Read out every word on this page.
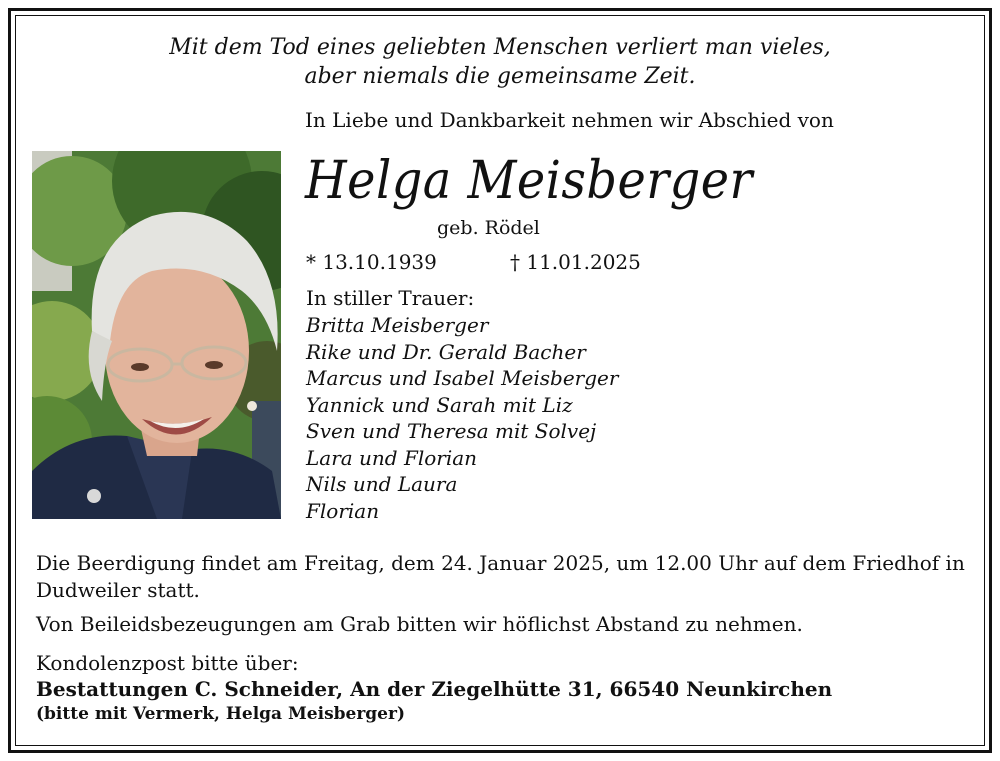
Mit dem Tod eines geliebten Menschen verliert man vieles,
aber niemals die gemeinsame Zeit.
In Liebe und Dankbarkeit nehmen wir Abschied von
Helga Meisberger
geb. Rödel
* 13.10.1939	† 11.01.2025
In stiller Trauer:
Britta Meisberger
Rike und Dr. Gerald Bacher
Marcus und Isabel Meisberger
Yannick und Sarah mit Liz
Sven und Theresa mit Solvej
Lara und Florian
Nils und Laura
Florian
Die Beerdigung findet am Freitag, dem 24. Januar 2025, um 12.00 Uhr auf dem Friedhof in Dudweiler statt.
Von Beileidsbezeugungen am Grab bitten wir höflichst Abstand zu nehmen.
Kondolenzpost bitte über:
Bestattungen C. Schneider, An der Ziegelhütte 31, 66540 Neunkirchen
(bitte mit Vermerk, Helga Meisberger)
